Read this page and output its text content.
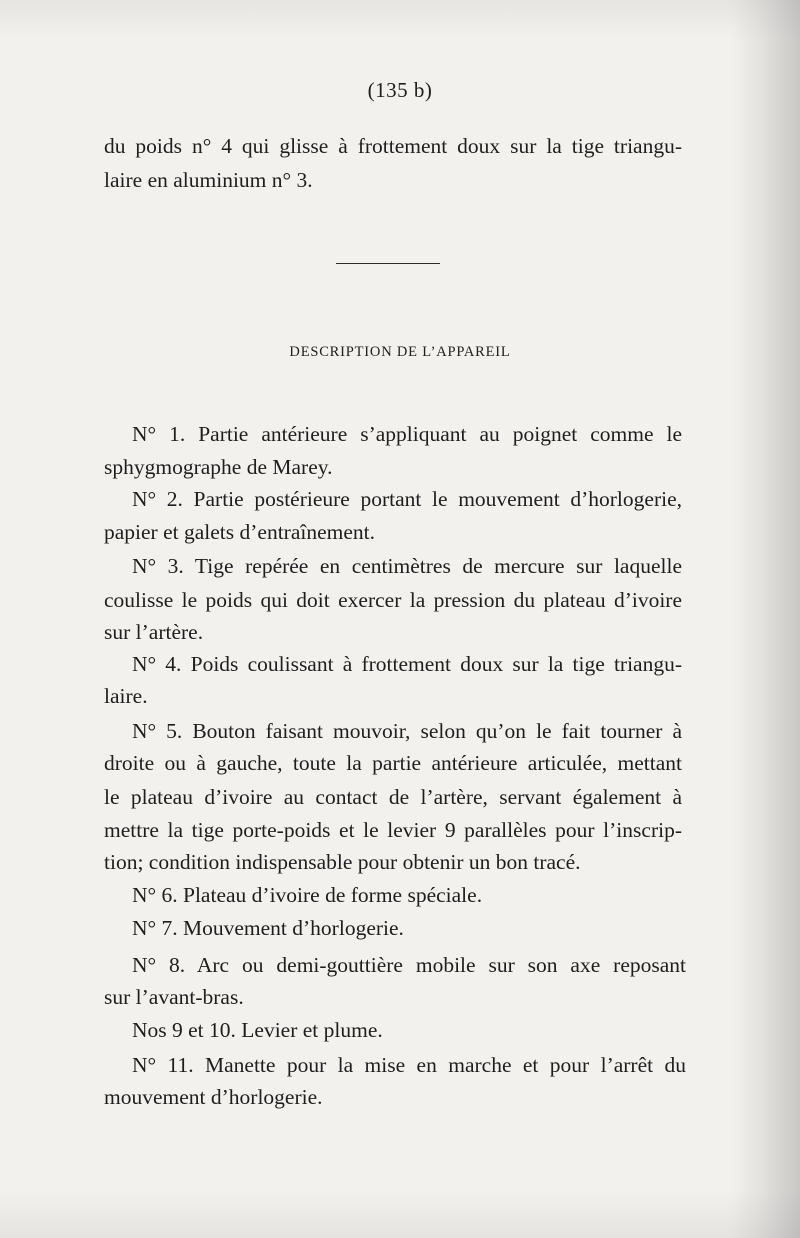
(135 b)
du poids n° 4 qui glisse à frottement doux sur la tige triangu-
laire en aluminium n° 3.
DESCRIPTION DE L’APPAREIL
N° 1. Partie antérieure s’appliquant au poignet comme le
sphygmographe de Marey.
N° 2. Partie postérieure portant le mouvement d’horlogerie,
papier et galets d’entraînement.
N° 3. Tige repérée en centimètres de mercure sur laquelle
coulisse le poids qui doit exercer la pression du plateau d’ivoire
sur l’artère.
N° 4. Poids coulissant à frottement doux sur la tige triangu-
laire.
N° 5. Bouton faisant mouvoir, selon qu’on le fait tourner à
droite ou à gauche, toute la partie antérieure articulée, mettant
le plateau d’ivoire au contact de l’artère, servant également à
mettre la tige porte-poids et le levier 9 parallèles pour l’inscrip-
tion; condition indispensable pour obtenir un bon tracé.
N° 6. Plateau d’ivoire de forme spéciale.
N° 7. Mouvement d’horlogerie.
N° 8. Arc ou demi-gouttière mobile sur son axe reposant
sur l’avant-bras.
Nos 9 et 10. Levier et plume.
N° 11. Manette pour la mise en marche et pour l’arrêt du
mouvement d’horlogerie.
